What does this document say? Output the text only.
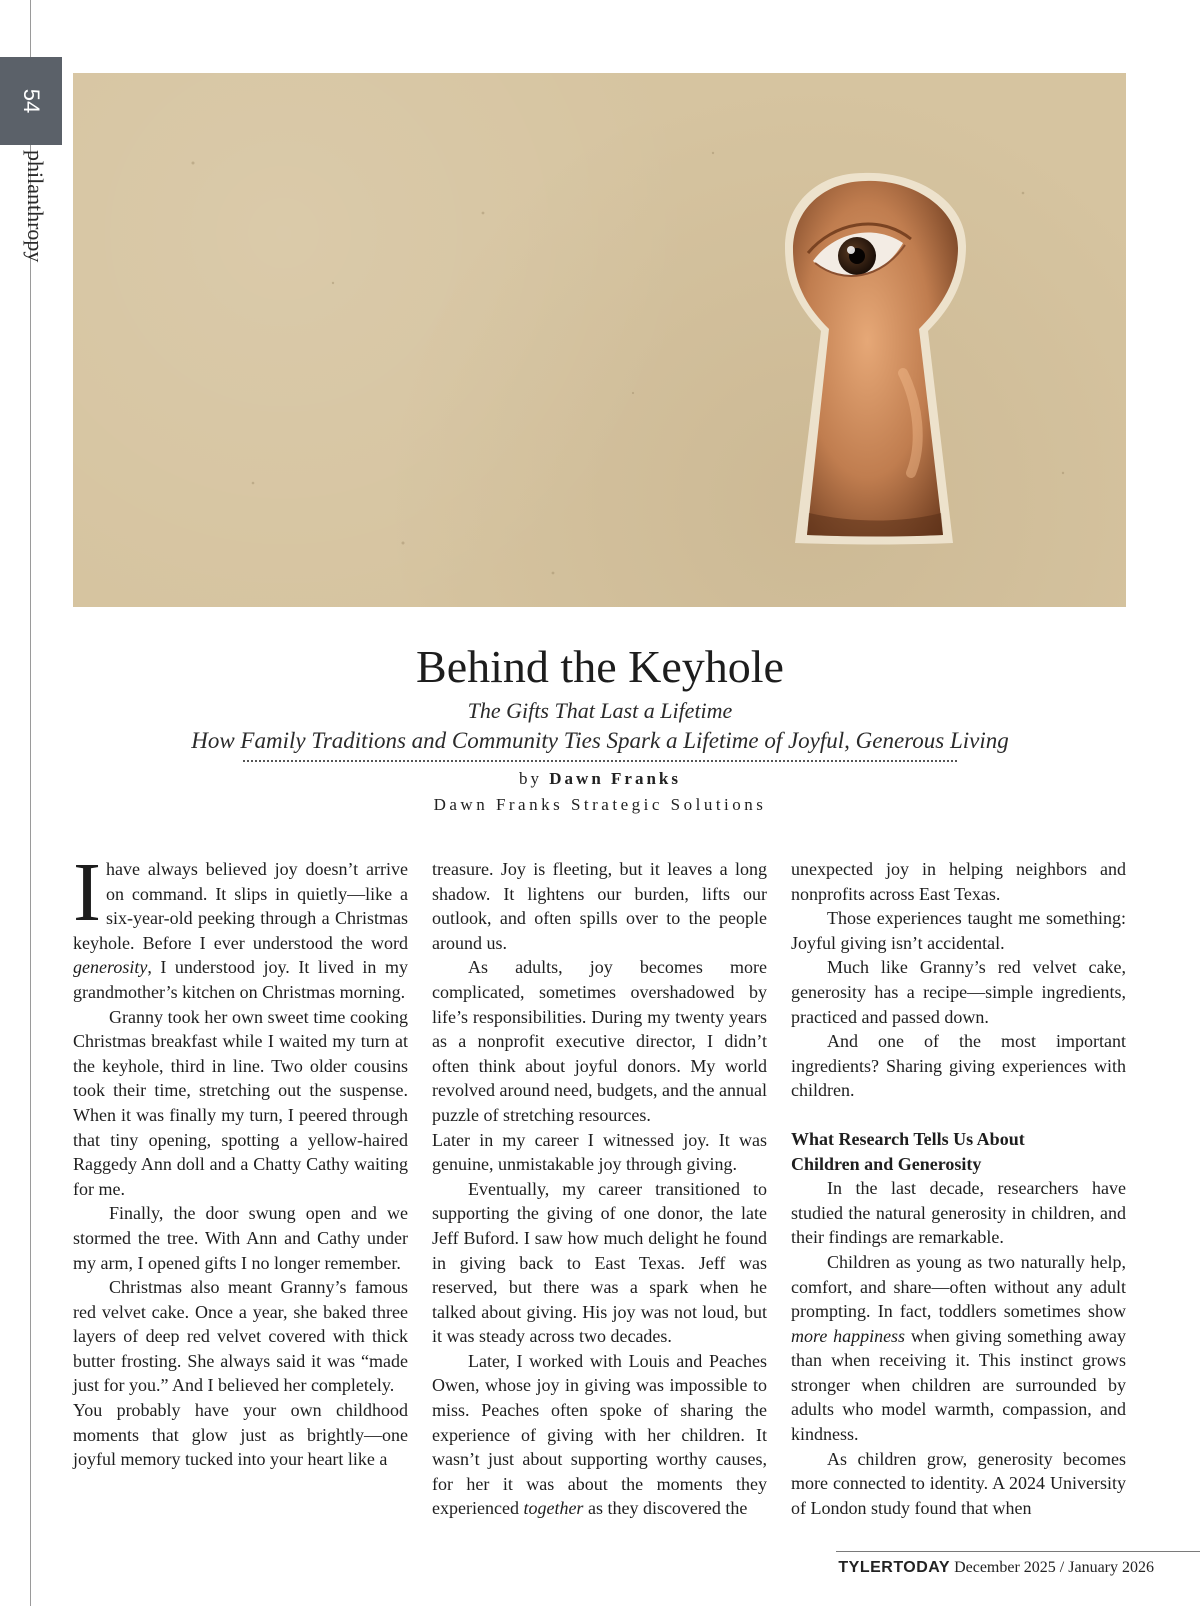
54
philanthropy
Behind the Keyhole
The Gifts That Last a Lifetime
How Family Traditions and Community Ties Spark a Lifetime of Joyful, Generous Living
by Dawn Franks
Dawn Franks Strategic Solutions

Ihave always believed joy doesn’t arrive on command. It slips in quietly—like a six-year-old peeking through a Christmas keyhole. Before I ever understood the word generosity, I understood joy. It lived in my grandmother’s kitchen on Christmas morning.

Granny took her own sweet time cooking Christmas breakfast while I waited my turn at the keyhole, third in line. Two older cousins took their time, stretching out the suspense. When it was finally my turn, I peered through that tiny opening, spotting a yellow-haired Raggedy Ann doll and a Chatty Cathy waiting for me.

Finally, the door swung open and we stormed the tree. With Ann and Cathy under my arm, I opened gifts I no longer remember.

Christmas also meant Granny’s famous red velvet cake. Once a year, she baked three layers of deep red velvet covered with thick butter frosting. She always said it was “made just for you.” And I believed her completely.

You probably have your own childhood moments that glow just as brightly—one joyful memory tucked into your heart like a

treasure. Joy is fleeting, but it leaves a long shadow. It lightens our burden, lifts our outlook, and often spills over to the people around us.

As adults, joy becomes more complicated, sometimes overshadowed by life’s responsibilities. During my twenty years as a nonprofit executive director, I didn’t often think about joyful donors. My world revolved around need, budgets, and the annual puzzle of stretching resources.

Later in my career I witnessed joy. It was genuine, unmistakable joy through giving.

Eventually, my career transitioned to supporting the giving of one donor, the late Jeff Buford. I saw how much delight he found in giving back to East Texas. Jeff was reserved, but there was a spark when he talked about giving. His joy was not loud, but it was steady across two decades.

Later, I worked with Louis and Peaches Owen, whose joy in giving was impossible to miss. Peaches often spoke of sharing the experience of giving with her children. It wasn’t just about supporting worthy causes, for her it was about the moments they experienced together as they discovered the

unexpected joy in helping neighbors and nonprofits across East Texas.

Those experiences taught me something: Joyful giving isn’t accidental.

Much like Granny’s red velvet cake, generosity has a recipe—simple ingredients, practiced and passed down.

And one of the most important ingredients? Sharing giving experiences with children.

What Research Tells Us About
Children and Generosity

In the last decade, researchers have studied the natural generosity in children, and their findings are remarkable.

Children as young as two naturally help, comfort, and share—often without any adult prompting. In fact, toddlers sometimes show more happiness when giving something away than when receiving it. This instinct grows stronger when children are surrounded by adults who model warmth, compassion, and kindness.

As children grow, generosity becomes more connected to identity. A 2024 University of London study found that when

TYLERTODAY December 2025 / January 2026
